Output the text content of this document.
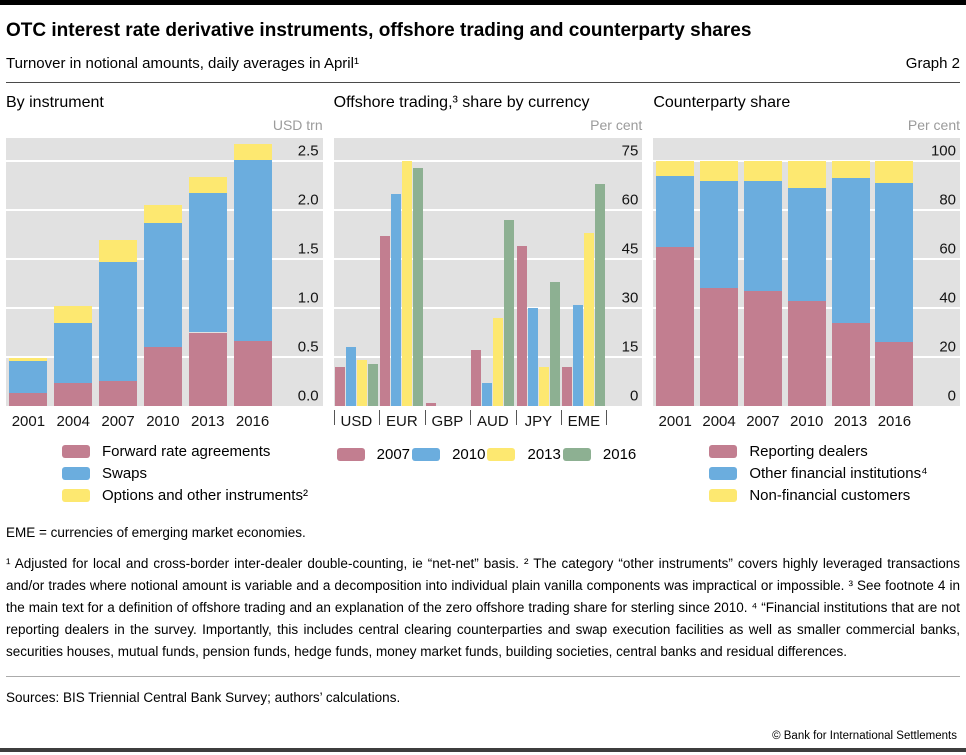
OTC interest rate derivative instruments, offshore trading and counterparty shares
Turnover in notional amounts, daily averages in April¹	Graph 2
By instrument
USD trn
0.0
0.5
1.0
1.5
2.0
2.5
2001 2004 2007 2010 2013 2016
Forward rate agreements
Swaps
Options and other instruments²
Offshore trading,³ share by currency
Per cent
0
15
30
45
60
75
USD EUR GBP AUD	JPY	EME
2007	2010	2013	2016
Counterparty share
Per cent
0
20
40
60
80
100
2001 2004 2007 2010 2013 2016
Reporting dealers
Other financial institutions⁴
Non-financial customers
EME = currencies of emerging market economies.
¹ Adjusted for local and cross-border inter-dealer double-counting, ie “net-net” basis. ² The category “other instruments” covers highly leveraged transactions and/or trades where notional amount is variable and a decomposition into individual plain vanilla components was impractical or impossible. ³ See footnote 4 in the main text for a definition of offshore trading and an explanation of the zero offshore trading share for sterling since 2010. ⁴ “Financial institutions that are not reporting dealers in the survey. Importantly, this includes central clearing counterparties and swap execution facilities as well as smaller commercial banks, securities houses, mutual funds, pension funds, hedge funds, money market funds, building societies, central banks and residual differences.
Sources: BIS Triennial Central Bank Survey; authors’ calculations.
© Bank for International Settlements
